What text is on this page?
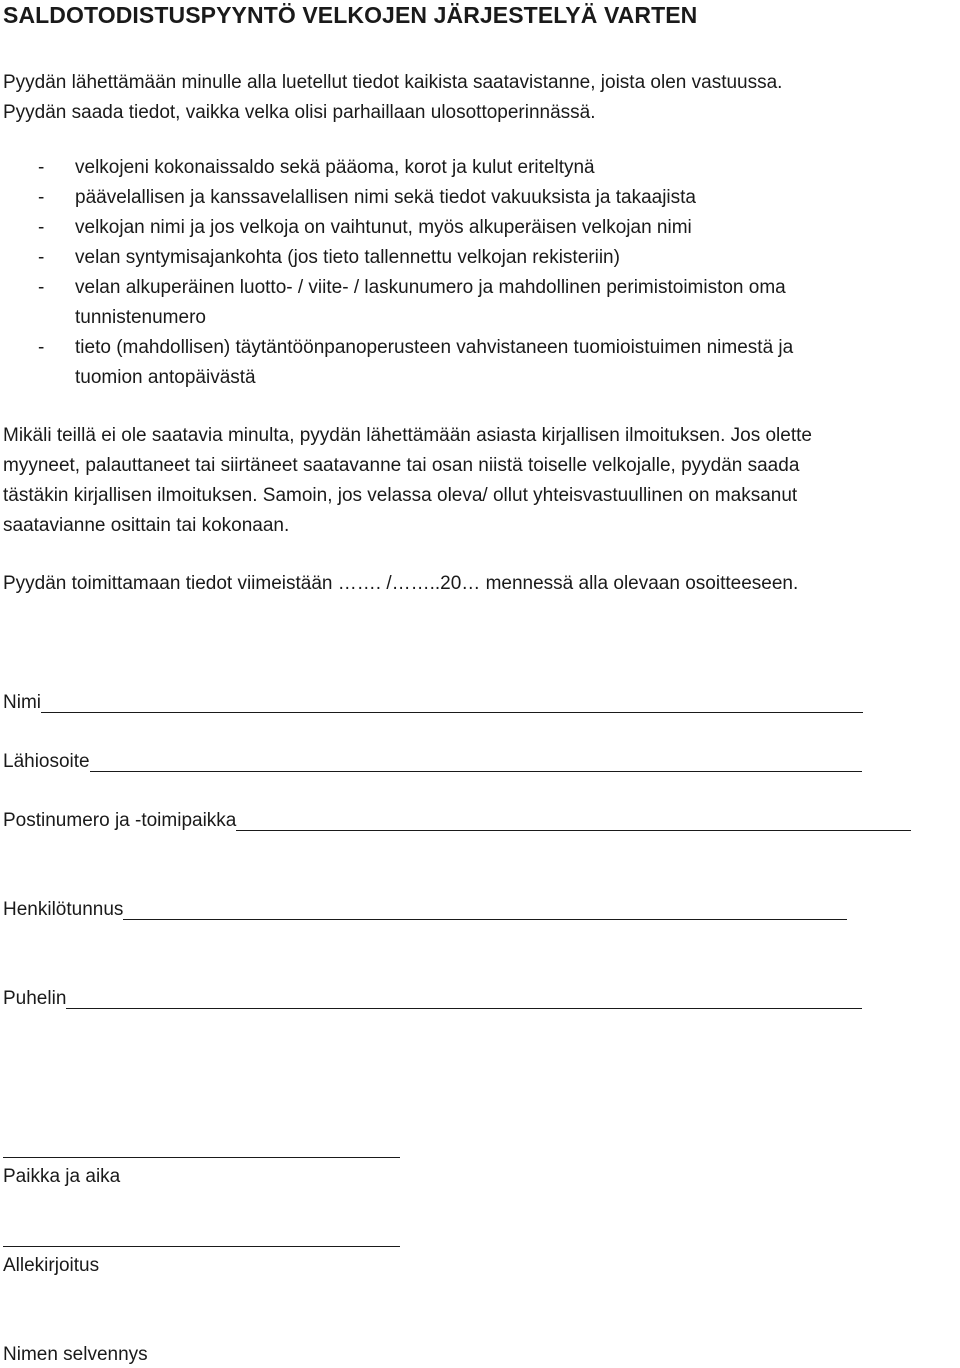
SALDOTODISTUSPYYNTÖ VELKOJEN JÄRJESTELYÄ VARTEN
Pyydän lähettämään minulle alla luetellut tiedot kaikista saatavistanne, joista olen vastuussa.
Pyydän saada tiedot, vaikka velka olisi parhaillaan ulosottoperinnässä.
- velkojeni kokonaissaldo sekä pääoma, korot ja kulut eriteltynä
- päävelallisen ja kanssavelallisen nimi sekä tiedot vakuuksista ja takaajista
- velkojan nimi ja jos velkoja on vaihtunut, myös alkuperäisen velkojan nimi
- velan syntymisajankohta (jos tieto tallennettu velkojan rekisteriin)
- velan alkuperäinen luotto- / viite- / laskunumero ja mahdollinen perimistoimiston oma
tunnistenumero
- tieto (mahdollisen) täytäntöönpanoperusteen vahvistaneen tuomioistuimen nimestä ja
tuomion antopäivästä
Mikäli teillä ei ole saatavia minulta, pyydän lähettämään asiasta kirjallisen ilmoituksen. Jos olette
myyneet, palauttaneet tai siirtäneet saatavanne tai osan niistä toiselle velkojalle, pyydän saada
tästäkin kirjallisen ilmoituksen. Samoin, jos velassa oleva/ ollut yhteisvastuullinen on maksanut
saatavianne osittain tai kokonaan.
Pyydän toimittamaan tiedot viimeistään ……. /……..20… mennessä alla olevaan osoitteeseen.
Nimi
Lähiosoite
Postinumero ja -toimipaikka
Henkilötunnus
Puhelin
Paikka ja aika
Allekirjoitus
Nimen selvennys
